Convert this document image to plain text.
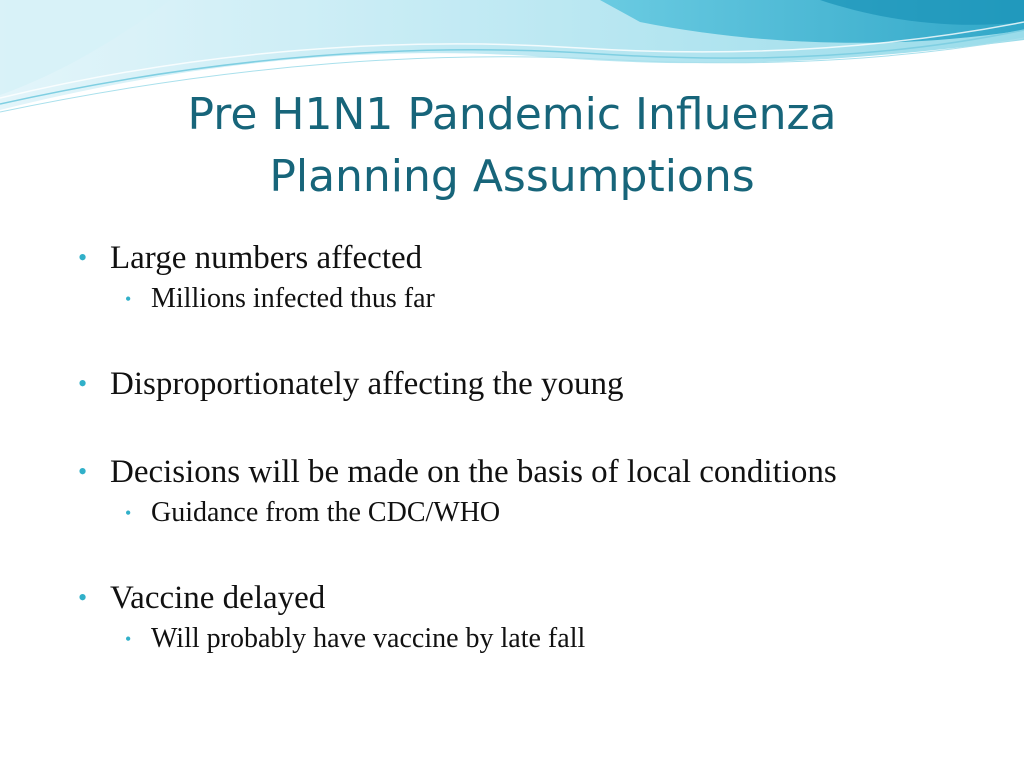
Pre H1N1 Pandemic Influenza
Planning Assumptions
• Large numbers affected
• Millions infected thus far
• Disproportionately affecting the young
• Decisions will be made on the basis of local conditions
• Guidance from the CDC/WHO
• Vaccine delayed
• Will probably have vaccine by late fall
